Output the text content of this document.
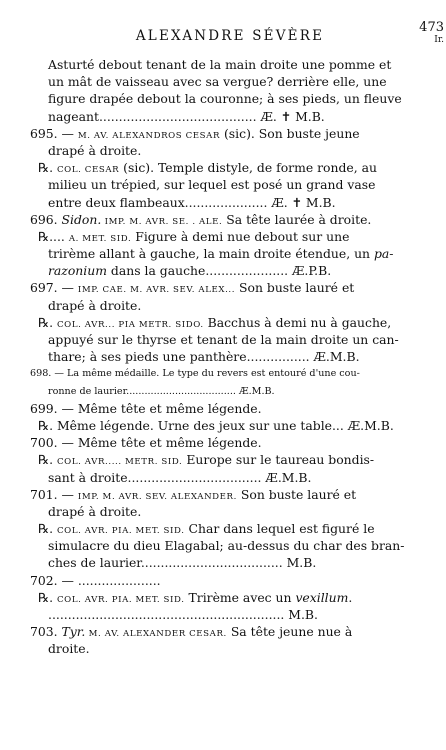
ALEXANDRE SÉVÈRE
473
Ir.
Asturté debout tenant de la main droite une pomme et
un mât de vaisseau avec sa vergue? derrière elle, une
figure drapée debout la couronne; à ses pieds, un fleuve
nageant........................................ Æ. ✝ M.B.
695. — M. AV. ALEXANDROS CESAR (sic). Son buste jeune
drapé à droite.
℞. COL. CESAR (sic). Temple distyle, de forme ronde, au
milieu un trépied, sur lequel est posé un grand vase
entre deux flambeaux..................... Æ. ✝ M.B.
696. Sidon. IMP. M. AVR. SE. . ALE. Sa tête laurée à droite.
℞.... A. MET. SID. Figure à demi nue debout sur une
trirème allant à gauche, la main droite étendue, un pa-
razonium dans la gauche..................... Æ.P.B.
697. — IMP. CAE. M. AVR. SEV. ALEX... Son buste lauré et
drapé à droite.
℞. COL. AVR... PIA METR. SIDO. Bacchus à demi nu à gauche,
appuyé sur le thyrse et tenant de la main droite un can-
thare; à ses pieds une panthère................ Æ.M.B.
698. — La même médaille. Le type du revers est entouré d'une cou-
ronne de laurier.................................... Æ.M.B.
699. — Même tête et même légende.
℞. Même légende. Urne des jeux sur une table... Æ.M.B.
700. — Même tête et même légende.
℞. COL. AVR..... METR. SID. Europe sur le taureau bondis-
sant à droite.................................. Æ.M.B.
701. — IMP. M. AVR. SEV. ALEXANDER. Son buste lauré et
drapé à droite.
℞. COL. AVR. PIA. MET. SID. Char dans lequel est figuré le
simulacre du dieu Elagabal; au-dessus du char des bran-
ches de laurier.................................... M.B.
702. — .....................
℞. COL. AVR. PIA. MET. SID. Trirème avec un vexillum.
............................................................ M.B.
703. Tyr. M. AV. ALEXANDER CESAR. Sa tête jeune nue à
droite.
